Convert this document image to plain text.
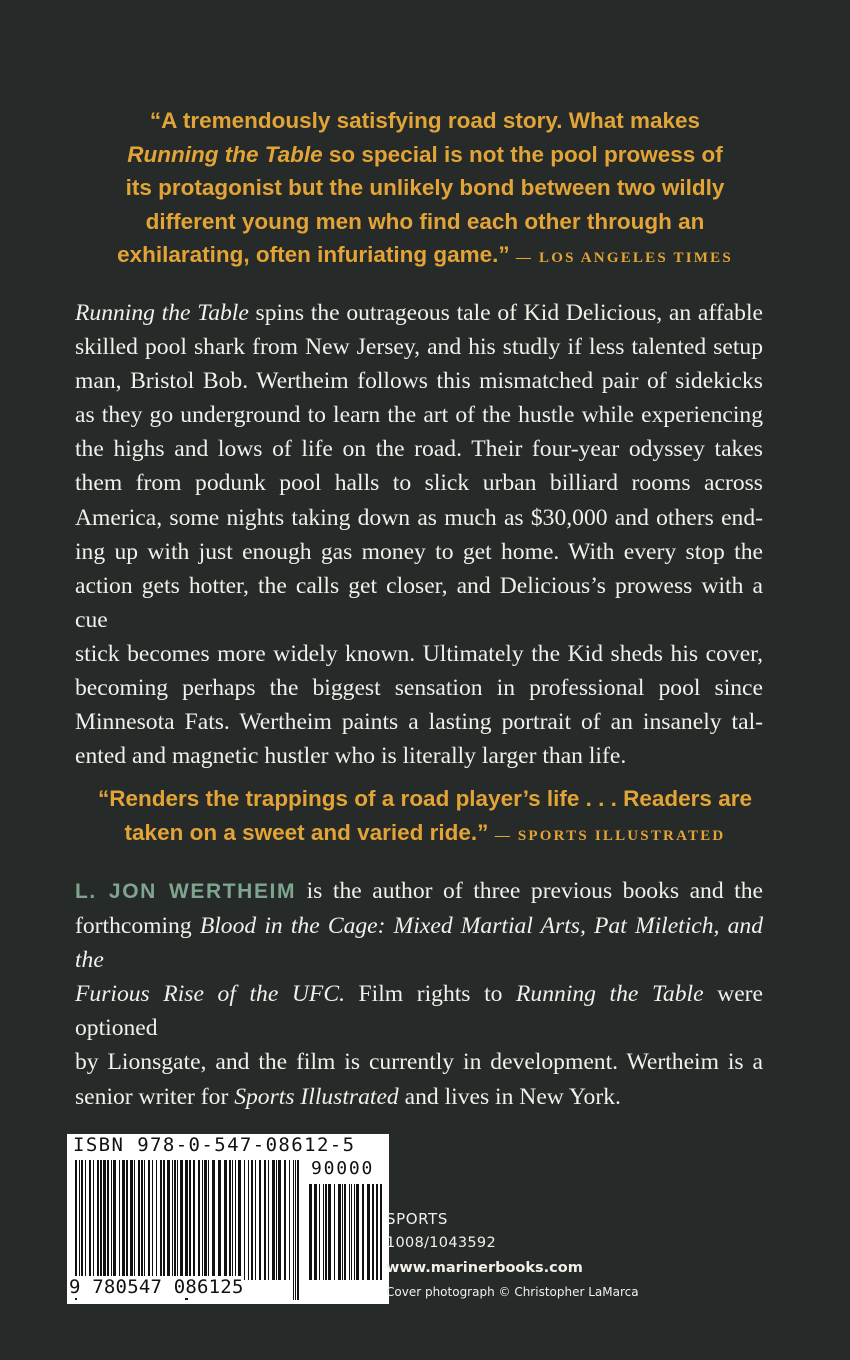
“A tremendously satisfying road story. What makes
Running the Table so special is not the pool prowess of
its protagonist but the unlikely bond between two wildly
different young men who find each other through an
exhilarating, often infuriating game.” — LOS ANGELES TIMES
Running the Table spins the outrageous tale of Kid Delicious, an affable
skilled pool shark from New Jersey, and his studly if less talented setup
man, Bristol Bob. Wertheim follows this mismatched pair of sidekicks
as they go underground to learn the art of the hustle while experiencing
the highs and lows of life on the road. Their four-year odyssey takes
them from podunk pool halls to slick urban billiard rooms across
America, some nights taking down as much as $30,000 and others end-
ing up with just enough gas money to get home. With every stop the
action gets hotter, the calls get closer, and Delicious’s prowess with a cue
stick becomes more widely known. Ultimately the Kid sheds his cover,
becoming perhaps the biggest sensation in professional pool since
Minnesota Fats. Wertheim paints a lasting portrait of an insanely tal-
ented and magnetic hustler who is literally larger than life.
“Renders the trappings of a road player’s life . . . Readers are
taken on a sweet and varied ride.” — SPORTS ILLUSTRATED
L. JON WERTHEIM is the author of three previous books and the
forthcoming Blood in the Cage: Mixed Martial Arts, Pat Miletich, and the
Furious Rise of the UFC. Film rights to Running the Table were optioned
by Lionsgate, and the film is currently in development. Wertheim is a
senior writer for Sports Illustrated and lives in New York.
ISBN 978-0-547-08612-5
90000
9 780547 086125
SPORTS
1008/1043592
www.marinerbooks.com
Cover photograph © Christopher LaMarca
